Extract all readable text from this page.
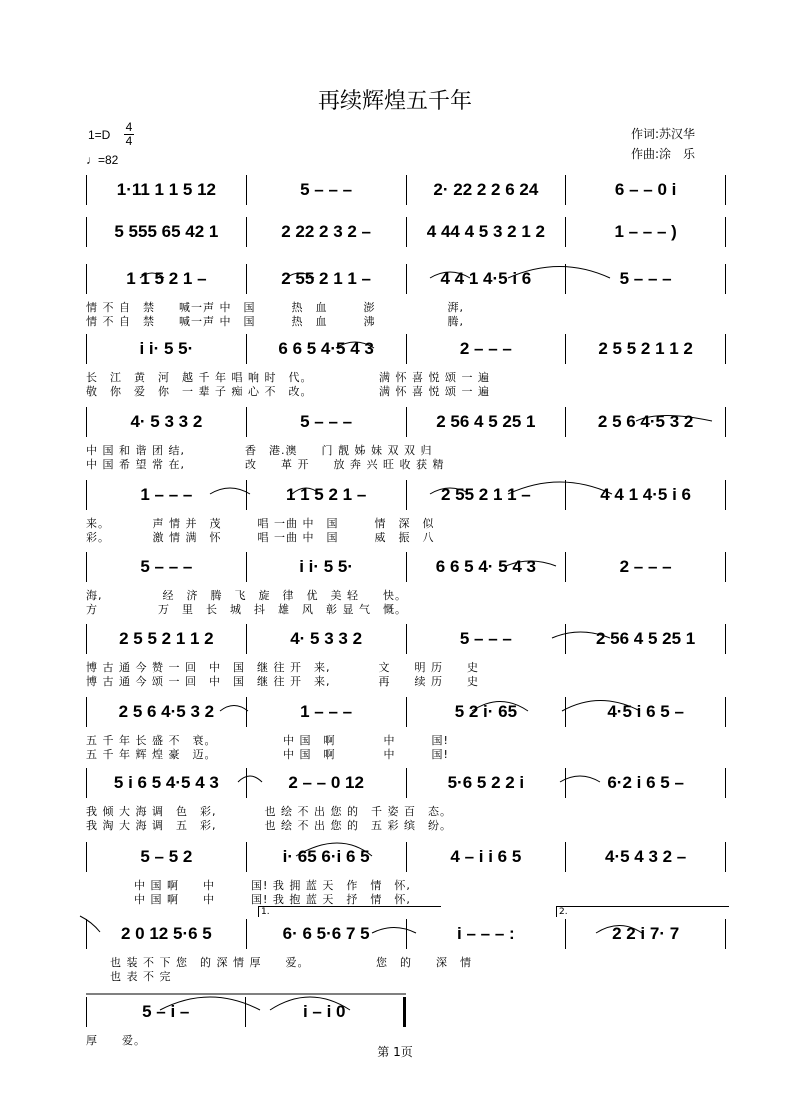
再续辉煌五千年
1=D
4
4
♩=82
作词:苏汉华
作曲:涂　乐
1·11 1 1 5 12	5 – – –	2· 22 2 2 6 24	6 – – 0 i
5 555 65 42 1	2 22 2 3 2 –	4 44 4 5 3 2 1 2	1 – – – )
1 1 5 2 1 –	2 55 2 1 1 –	4 4 1 4·5 i 6	5 – – –
情 不 自　禁　　喊一声 中　国　　　热　血　　　澎　　　　　　湃,
情 不 自　禁　　喊一声 中　国　　　热　血　　　沸　　　　　　腾,
i i· 5 5·	6 6 5 4·5 4 3	2 – – –	2 5 5 2 1 1 2
长　江　黄　河　越 千 年 唱 响 时　代。　　　　　　满 怀 喜 悦 颂 一 遍
敬　你　爱　你　一 辈 子 痴 心 不　改。　　　　　　满 怀 喜 悦 颂 一 遍
4· 5 3 3 2	5 – – –	2 56 4 5 25 1	2 5 6 4·5 3 2
中 国 和 谐 团 结,　　　　　香　港.澳　　门 靓 姊 妹 双 双 归
中 国 希 望 常 在,　　　　　改　　革 开　　放 奔 兴 旺 收 获 精
1 – – –	1 1 5 2 1 –	2 55 2 1 1 –	4 4 1 4·5 i 6
来。　　　　声 情 并　茂　　　唱 一曲 中　国　　　情　深　似
彩。　　　　激 情 满　怀　　　唱 一曲 中　国　　　威　振　八
5 – – –	i i· 5 5·	6 6 5 4· 5 4 3	2 – – –
海,　　　　　经　济　腾　飞　旋　律　优　美 轻　　快。
方　　　　　万　里　长　城　抖　雄　风　彰 显 气　慨。
2 5 5 2 1 1 2	4· 5 3 3 2	5 – – –	2 56 4 5 25 1
博 古 通 今 赞 一 回　中　国　继 往 开　来,　　　　文　　明 历　　史
博 古 通 今 颂 一 回　中　国　继 往 开　来,　　　　再　　续 历　　史
2 5 6 4·5 3 2	1 – – –	5 2 i· 65	4·5 i 6 5 –
五 千 年 长 盛 不　衰。　　　　　　中 国　啊　　　　中　　　国!
五 千 年 辉 煌 豪　迈。　　　　　　中 国　啊　　　　中　　　国!
5 i 6 5 4·5 4 3	2 – – 0 12	5·6 5 2 2 i	6·2 i 6 5 –
我 倾 大 海 调　色　彩,　　　　也 绘 不 出 您 的　千 姿 百　态。
我 淘 大 海 调　五　彩,　　　　也 绘 不 出 您 的　五 彩 缤　纷。
5 – 5 2	i· 65 6·i 6 5	4 – i i 6 5	4·5 4 3 2 –
　　　　中 国 啊　　中　　　国! 我 拥 蓝 天　作　情　怀,
　　　　中 国 啊　　中　　　国! 我 抱 蓝 天　抒　情　怀,
2 0 12 5·6 5	6· 6 5·6 7 5	i – – – :	2 2 i 7· 7
　　也 装 不 下 您　的 深 情 厚　　爱。　　　　　　您　的　　深　情
　　也 表 不 完
5 – i –	i – i 0
厚　　爱。
1.	2.
第 1页
